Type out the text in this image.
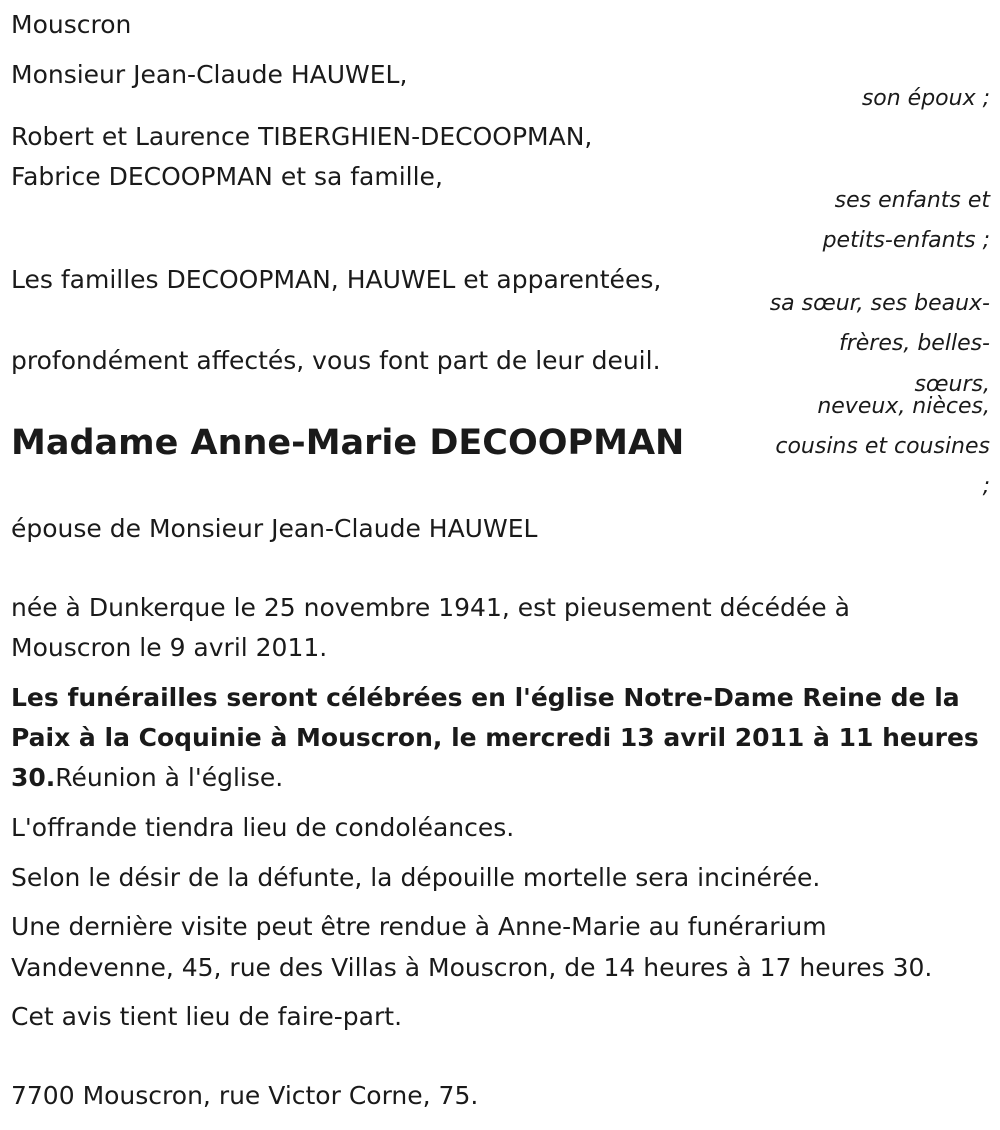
Mouscron
Monsieur Jean-Claude HAUWEL,
son époux ;
Robert et Laurence TIBERGHIEN-DECOOPMAN,
Fabrice DECOOPMAN et sa famille,
ses enfants et
petits-enfants ;
Les familles DECOOPMAN, HAUWEL et apparentées,
sa sœur, ses beaux-
frères, belles-
sœurs,
neveux, nièces,
cousins et cousines
;
profondément affectés, vous font part de leur deuil.
Madame Anne-Marie DECOOPMAN
épouse de Monsieur Jean-Claude HAUWEL
née à Dunkerque le 25 novembre 1941, est pieusement décédée à
Mouscron le 9 avril 2011.
Les funérailles seront célébrées en l'église Notre-Dame Reine de la
Paix à la Coquinie à Mouscron, le mercredi 13 avril 2011 à 11 heures
30.Réunion à l'église.
L'offrande tiendra lieu de condoléances.
Selon le désir de la défunte, la dépouille mortelle sera incinérée.
Une dernière visite peut être rendue à Anne-Marie au funérarium
Vandevenne, 45, rue des Villas à Mouscron, de 14 heures à 17 heures 30.
Cet avis tient lieu de faire-part.
7700 Mouscron, rue Victor Corne, 75.
